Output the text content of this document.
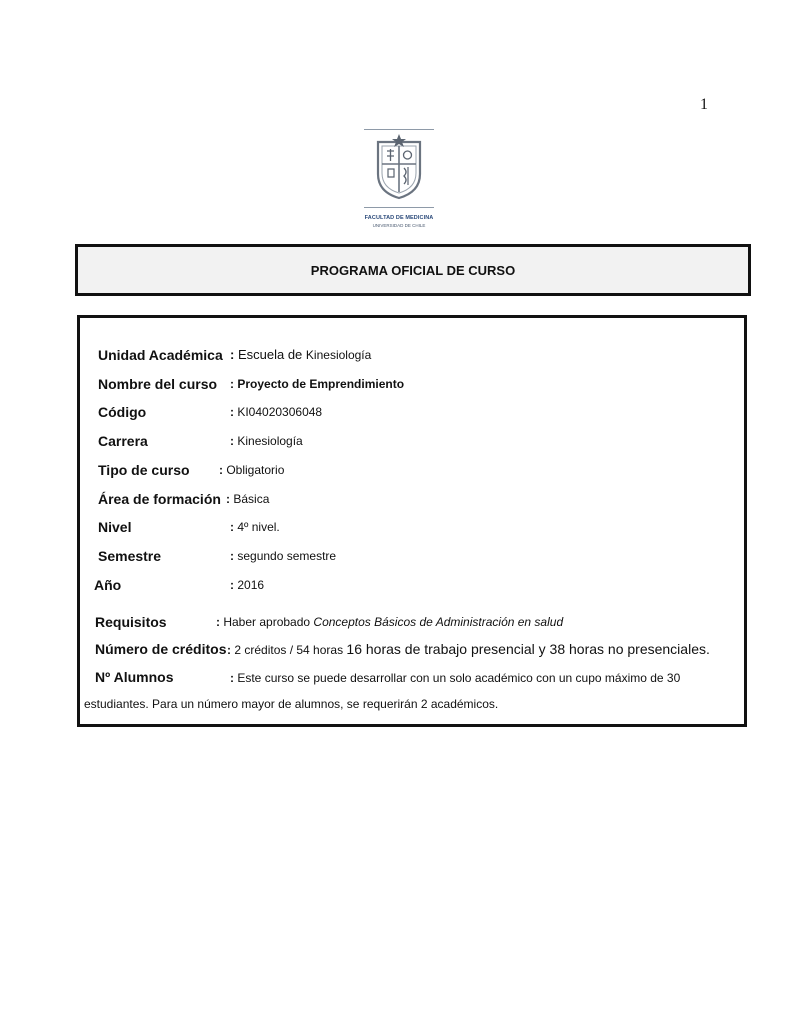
1
FACULTAD DE MEDICINA
UNIVERSIDAD DE CHILE
PROGRAMA OFICIAL DE CURSO
Unidad Académica : Escuela de Kinesiología
Nombre del curso : Proyecto de Emprendimiento
Código	: KI04020306048
Carrera	: Kinesiología
Tipo de curso : Obligatorio
Área de formación : Básica
Nivel	: 4º nivel.
Semestre	: segundo semestre
Año	: 2016
Requisitos	: Haber aprobado Conceptos Básicos de Administración en salud
Número de créditos : 2 créditos / 54 horas 16 horas de trabajo presencial y 38 horas no presenciales.
Nº Alumnos	: Este curso se puede desarrollar con un solo académico con un cupo máximo de 30
estudiantes. Para un número mayor de alumnos, se requerirán 2 académicos.
